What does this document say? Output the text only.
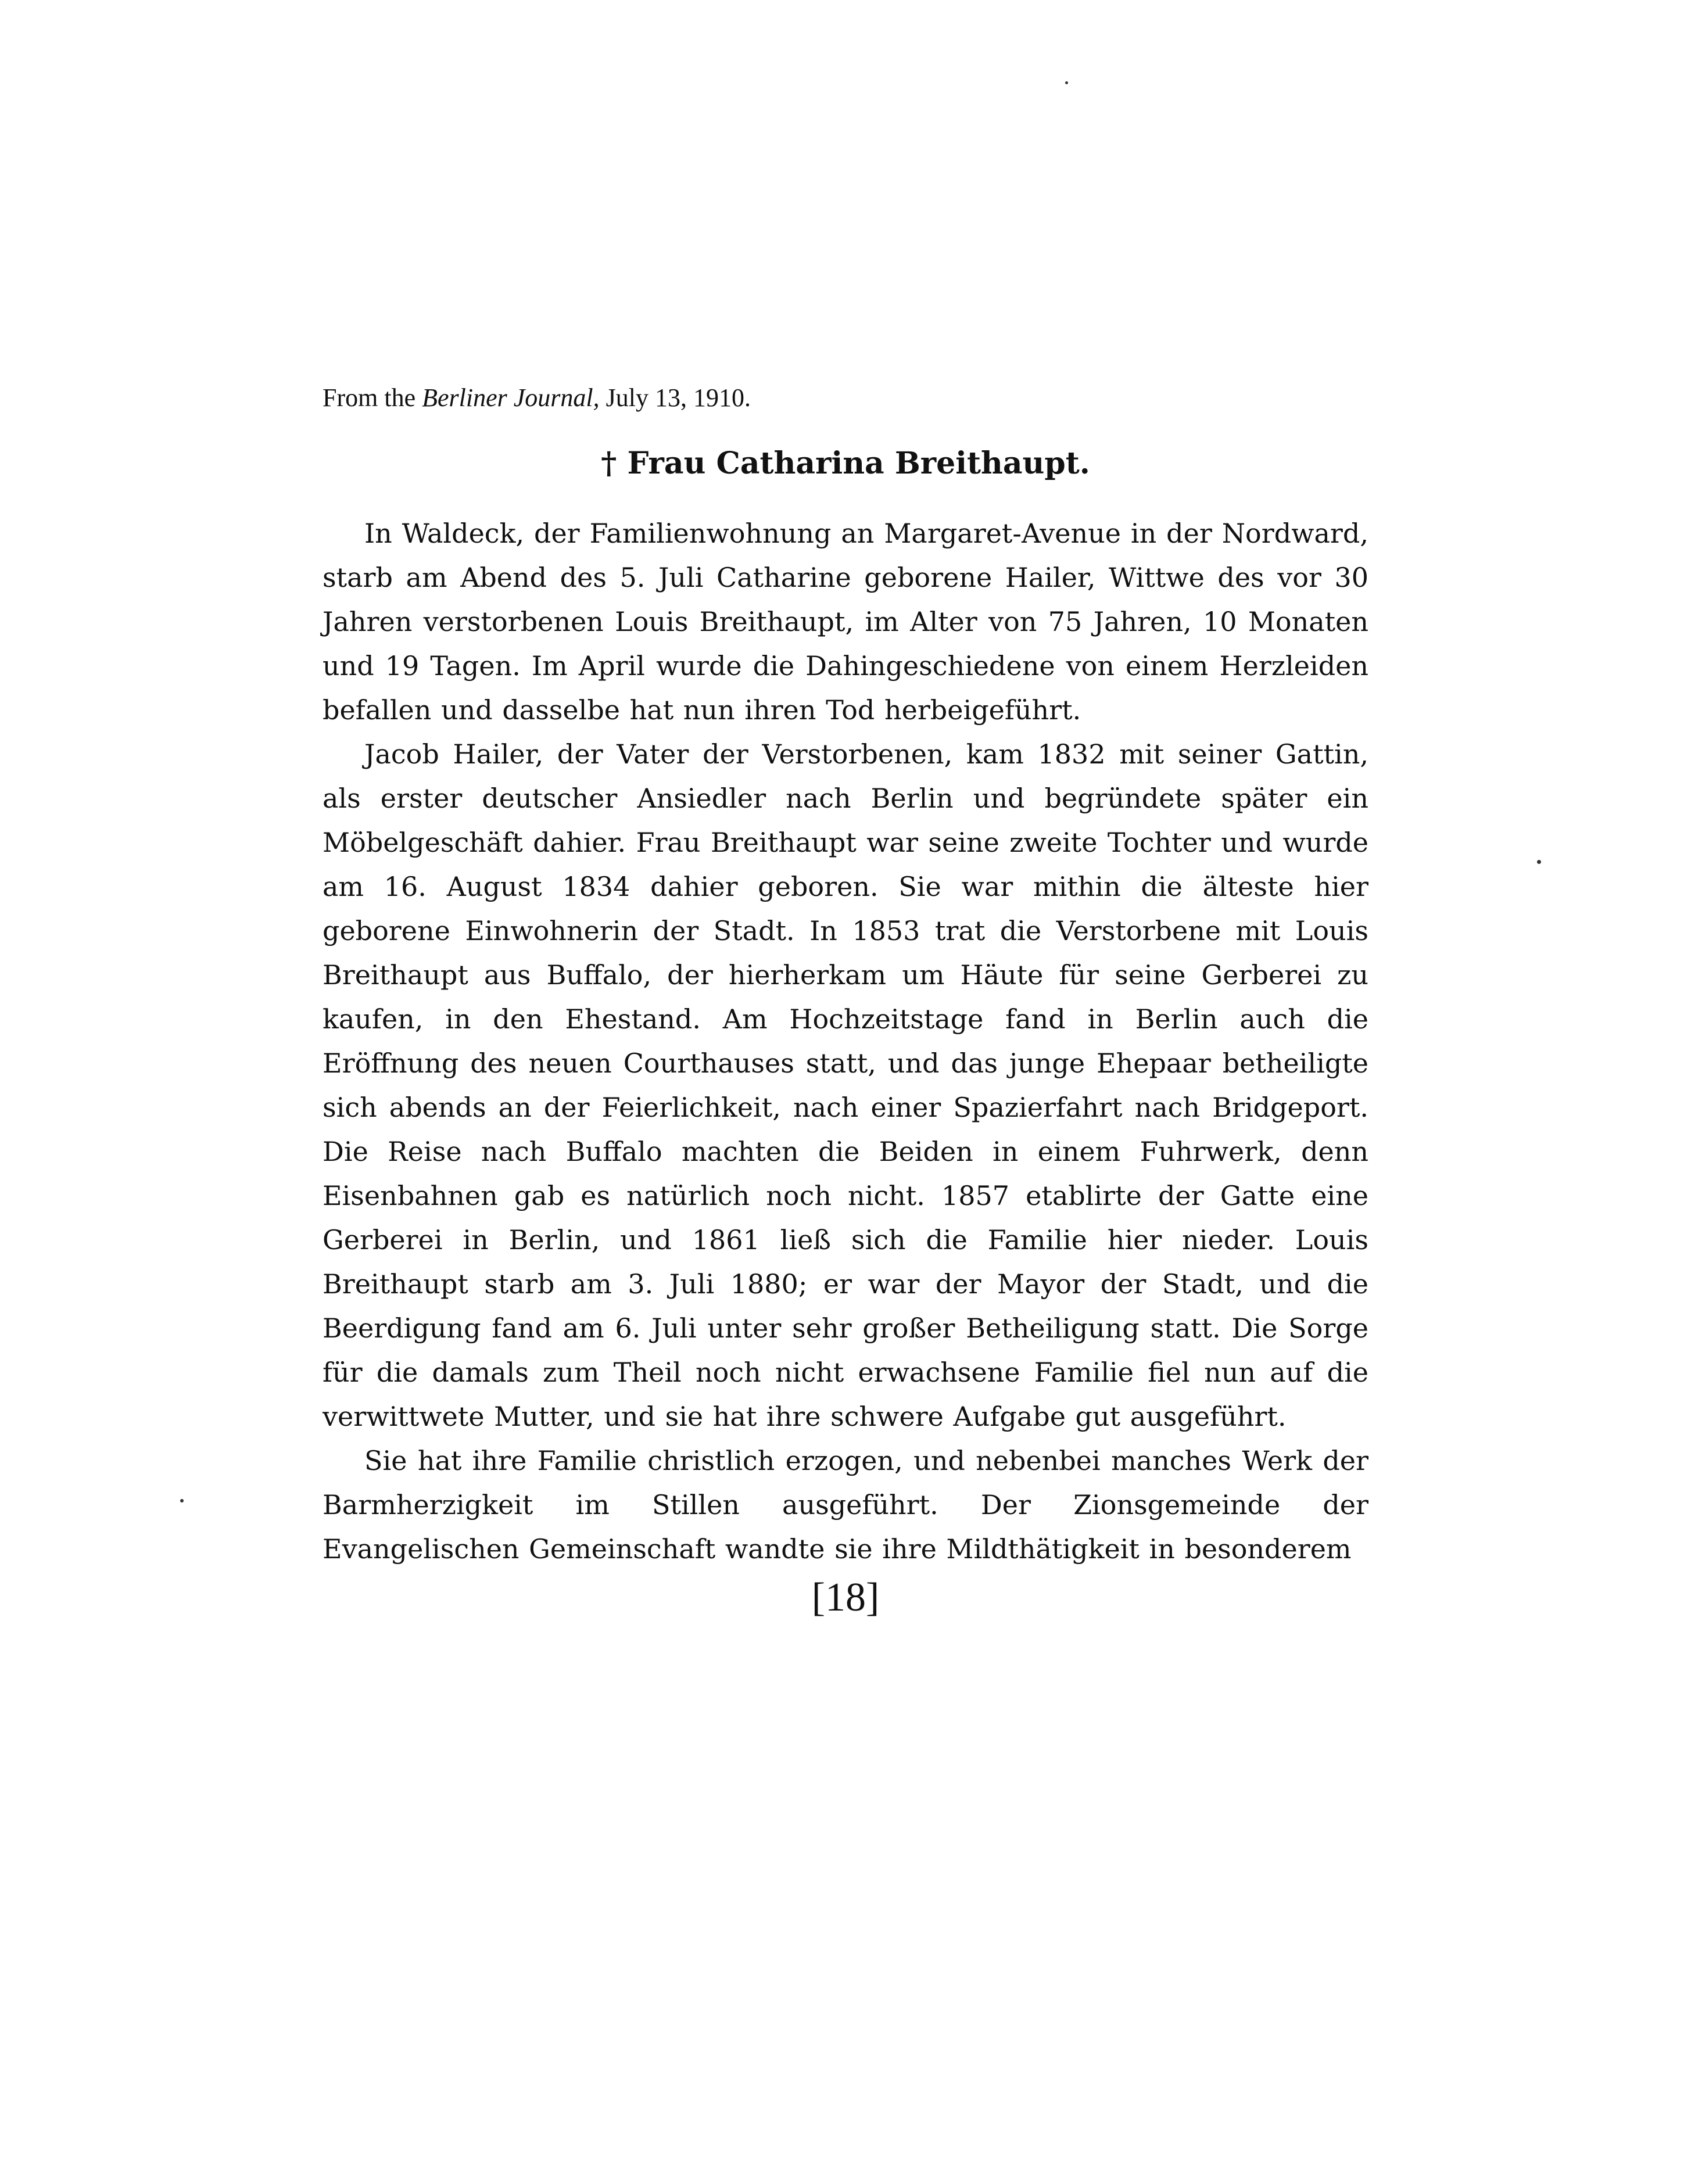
From the Berliner Journal, July 13, 1910.

† Frau Catharina Breithaupt.

In Waldeck, der Familienwohnung an Margaret-Avenue in der Nordward, starb am Abend des 5. Juli Catharine geborene Hailer, Wittwe des vor 30 Jahren verstorbenen Louis Breithaupt, im Alter von 75 Jahren, 10 Monaten und 19 Tagen. Im April wurde die Dahingeschiedene von einem Herzleiden befallen und dasselbe hat nun ihren Tod herbeigeführt.

Jacob Hailer, der Vater der Verstorbenen, kam 1832 mit seiner Gattin, als erster deutscher Ansiedler nach Berlin und begründete später ein Möbelgeschäft dahier. Frau Breithaupt war seine zweite Tochter und wurde am 16. August 1834 dahier geboren. Sie war mithin die älteste hier geborene Einwohnerin der Stadt. In 1853 trat die Verstorbene mit Louis Breithaupt aus Buffalo, der hierherkam um Häute für seine Gerberei zu kaufen, in den Ehestand. Am Hochzeitstage fand in Berlin auch die Eröffnung des neuen Courthauses statt, und das junge Ehepaar betheiligte sich abends an der Feierlichkeit, nach einer Spazierfahrt nach Bridgeport. Die Reise nach Buffalo machten die Beiden in einem Fuhrwerk, denn Eisenbahnen gab es natürlich noch nicht. 1857 etablirte der Gatte eine Gerberei in Berlin, und 1861 ließ sich die Familie hier nieder. Louis Breithaupt starb am 3. Juli 1880; er war der Mayor der Stadt, und die Beerdigung fand am 6. Juli unter sehr großer Betheiligung statt. Die Sorge für die damals zum Theil noch nicht erwachsene Familie fiel nun auf die verwittwete Mutter, und sie hat ihre schwere Aufgabe gut ausgeführt.

Sie hat ihre Familie christlich erzogen, und nebenbei manches Werk der Barmherzigkeit im Stillen ausgeführt. Der Zionsgemeinde der Evangelischen Gemeinschaft wandte sie ihre Mildthätigkeit in besonderem

[18]
